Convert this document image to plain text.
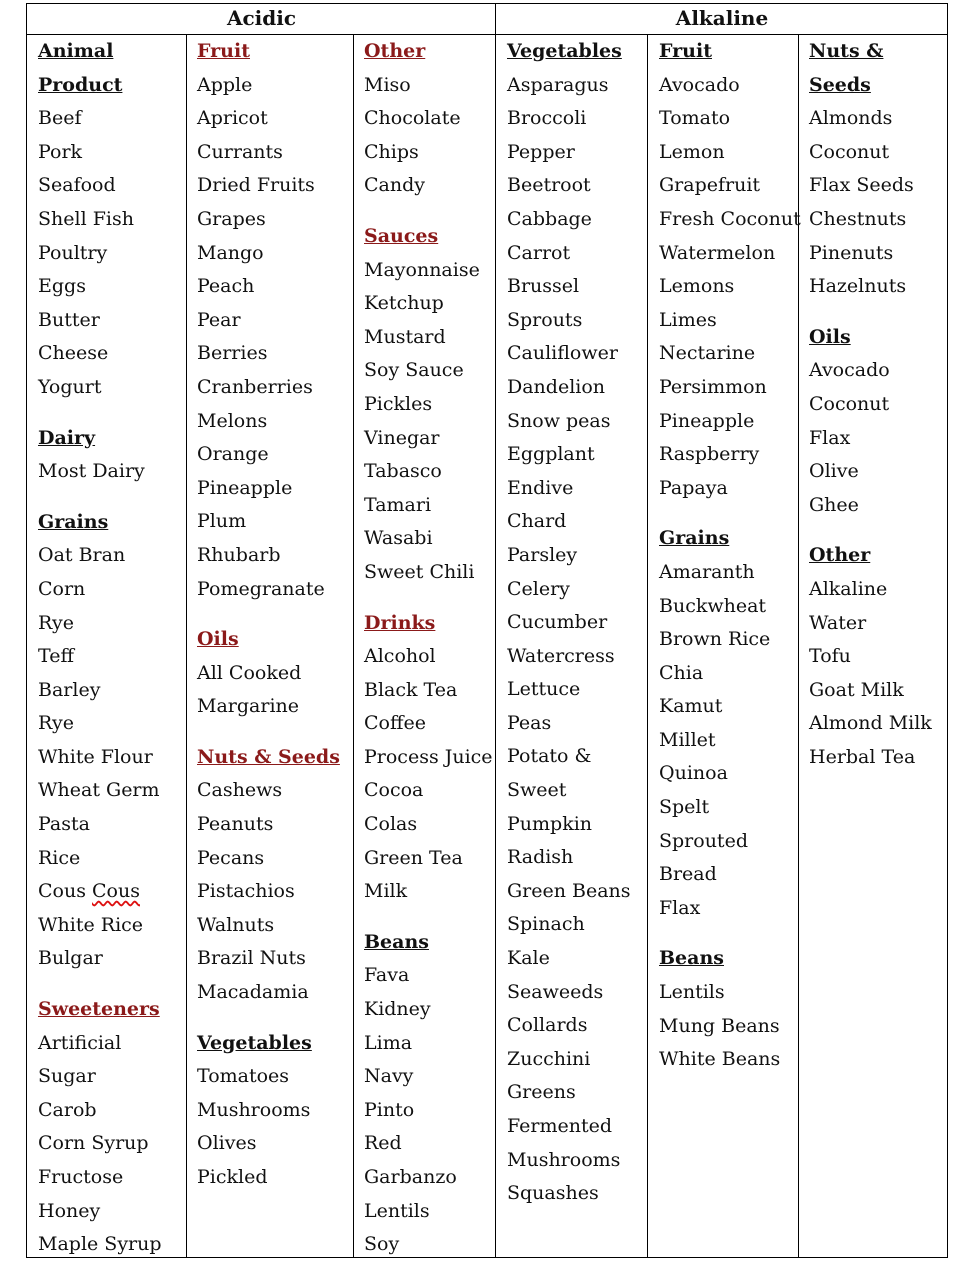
Acidic	Alkaline
Animal
Product
Beef
Pork
Seafood
Shell Fish
Poultry
Eggs
Butter
Cheese
Yogurt
Dairy
Most Dairy
Grains
Oat Bran
Corn
Rye
Teff
Barley
Rye
White Flour
Wheat Germ
Pasta
Rice
Cous Cous
White Rice
Bulgar
Sweeteners
Artificial
Sugar
Carob
Corn Syrup
Fructose
Honey
Maple Syrup
Fruit
Apple
Apricot
Currants
Dried Fruits
Grapes
Mango
Peach
Pear
Berries
Cranberries
Melons
Orange
Pineapple
Plum
Rhubarb
Pomegranate
Oils
All Cooked
Margarine
Nuts & Seeds
Cashews
Peanuts
Pecans
Pistachios
Walnuts
Brazil Nuts
Macadamia
Vegetables
Tomatoes
Mushrooms
Olives
Pickled
Other
Miso
Chocolate
Chips
Candy
Sauces
Mayonnaise
Ketchup
Mustard
Soy Sauce
Pickles
Vinegar
Tabasco
Tamari
Wasabi
Sweet Chili
Drinks
Alcohol
Black Tea
Coffee
Process Juice
Cocoa
Colas
Green Tea
Milk
Beans
Fava
Kidney
Lima
Navy
Pinto
Red
Garbanzo
Lentils
Soy
Vegetables
Asparagus
Broccoli
Pepper
Beetroot
Cabbage
Carrot
Brussel
Sprouts
Cauliflower
Dandelion
Snow peas
Eggplant
Endive
Chard
Parsley
Celery
Cucumber
Watercress
Lettuce
Peas
Potato &
Sweet
Pumpkin
Radish
Green Beans
Spinach
Kale
Seaweeds
Collards
Zucchini
Greens
Fermented
Mushrooms
Squashes
Fruit
Avocado
Tomato
Lemon
Grapefruit
Fresh Coconut
Watermelon
Lemons
Limes
Nectarine
Persimmon
Pineapple
Raspberry
Papaya
Grains
Amaranth
Buckwheat
Brown Rice
Chia
Kamut
Millet
Quinoa
Spelt
Sprouted
Bread
Flax
Beans
Lentils
Mung Beans
White Beans
Nuts &
Seeds
Almonds
Coconut
Flax Seeds
Chestnuts
Pinenuts
Hazelnuts
Oils
Avocado
Coconut
Flax
Olive
Ghee
Other
Alkaline
Water
Tofu
Goat Milk
Almond Milk
Herbal Tea
